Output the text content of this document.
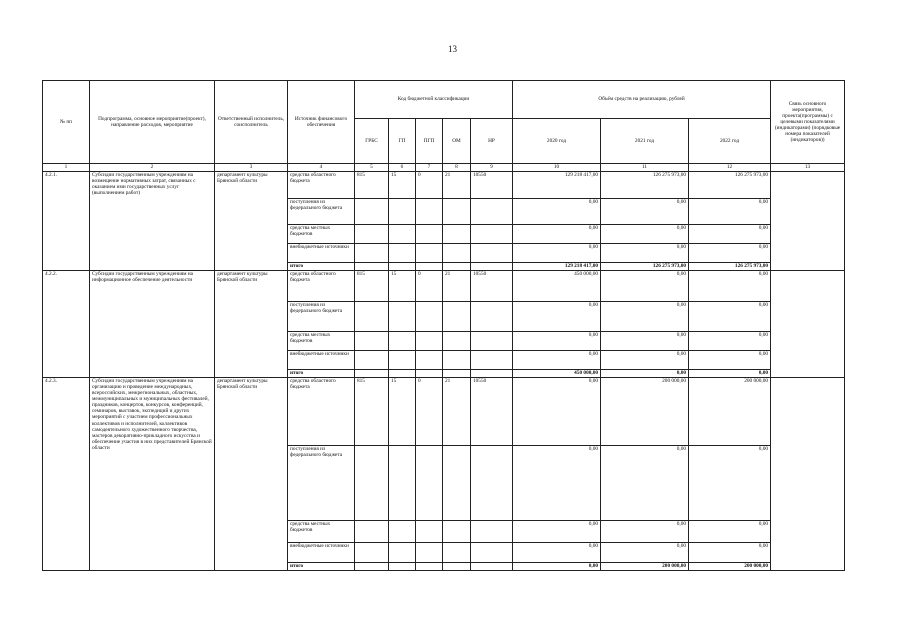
13
№ пп	Подпрограмма, основное мероприятие(проект), направление расходов, мероприятие	Ответственный исполнитель, соисполнитель	Источник финансового обеспечения	Код бюджетной классификации					Объём средств на реализацию, рублей			Связь основного мероприятия, проекта(программы) с целевыми показателями (индикаторами) (порядковые номера показателей (индикаторов))
				ГРБС	ГП	ПГП	ОМ	НР	2020 год	2021 год	2022 год	
1	2	3	4	5	6	7	8	9	10	11	12	13
4.2.1.	Субсидии государственным учреждениям на возмещение нормативных затрат, связанных с оказанием ими государственных услуг (выполнением работ)	департамент культуры Брянской области	средства областного бюджета	815	15	0	21	10550	129 218 417,00	126 275 973,00	126 275 973,00	
			поступления из федерального бюджета						0,00	0,00	0,00	
			средства местных бюджетов						0,00	0,00	0,00	
			внебюджетные источники						0,00	0,00	0,00	
			итого						129 218 417,00	126 275 973,00	126 275 973,00	
4.2.2.	Субсидии государственным учреждениям на информационное обеспечение деятельности	департамент культуры Брянской области	средства областного бюджета	815	15	0	21	10550	450 000,00	0,00	0,00	
			поступления из федерального бюджета						0,00	0,00	0,00	
			средства местных бюджетов						0,00	0,00	0,00	
			внебюджетные источники						0,00	0,00	0,00	
			итого						450 000,00	0,00	0,00	
4.2.3.	Субсидии государственным учреждениям на организацию и проведение международных, всероссийских, межрегиональных, областных, межмуниципальных и муниципальных фестивалей, праздников, концертов, конкурсов, конференций, семинаров, выставок, экспедиций и других мероприятий с участием профессиональных коллективов и исполнителей, коллективов самодеятельного художественного творчества, мастеров декоративно-прикладного искусства и обеспечение участия в них представителей Брянской области	департамент культуры Брянской области	средства областного бюджета	815	15	0	21	10550	0,00	200 000,00	200 000,00	
			поступления из федерального бюджета						0,00	0,00	0,00	
			средства местных бюджетов						0,00	0,00	0,00	
			внебюджетные источники						0,00	0,00	0,00	
			итого						0,00	200 000,00	200 000,00	
